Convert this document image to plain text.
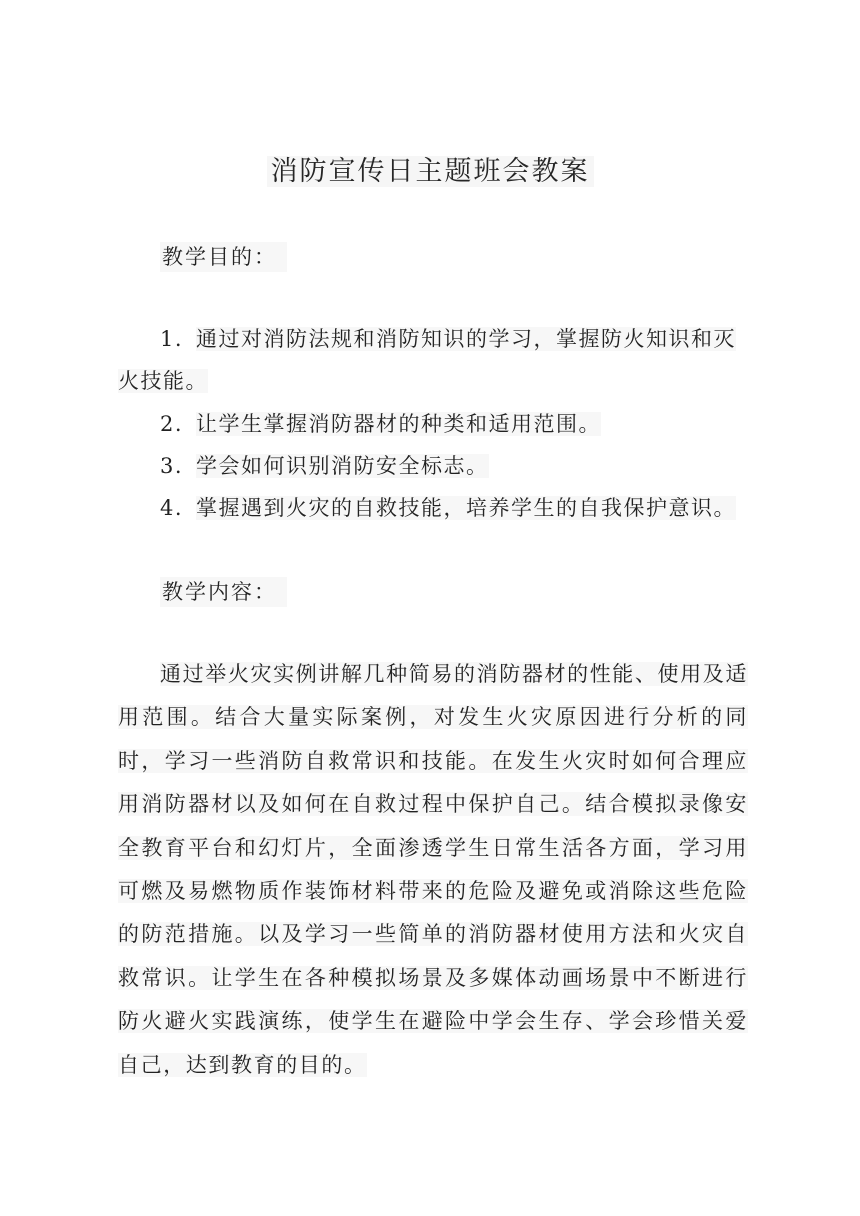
消防宣传日主题班会教案
教学目的：

1. 通过对消防法规和消防知识的学习，掌握防火知识和灭火技能。

2. 让学生掌握消防器材的种类和适用范围。

3. 学会如何识别消防安全标志。

4. 掌握遇到火灾的自救技能，培养学生的自我保护意识。

教学内容：

通过举火灾实例讲解几种简易的消防器材的性能、使用及适用范围。结合大量实际案例，对发生火灾原因进行分析的同时，学习一些消防自救常识和技能。在发生火灾时如何合理应用消防器材以及如何在自救过程中保护自己。结合模拟录像安全教育平台和幻灯片，全面渗透学生日常生活各方面，学习用可燃及易燃物质作装饰材料带来的危险及避免或消除这些危险的防范措施。以及学习一些简单的消防器材使用方法和火灾自救常识。让学生在各种模拟场景及多媒体动画场景中不断进行防火避火实践演练，使学生在避险中学会生存、学会珍惜关爱自己，达到教育的目的。
